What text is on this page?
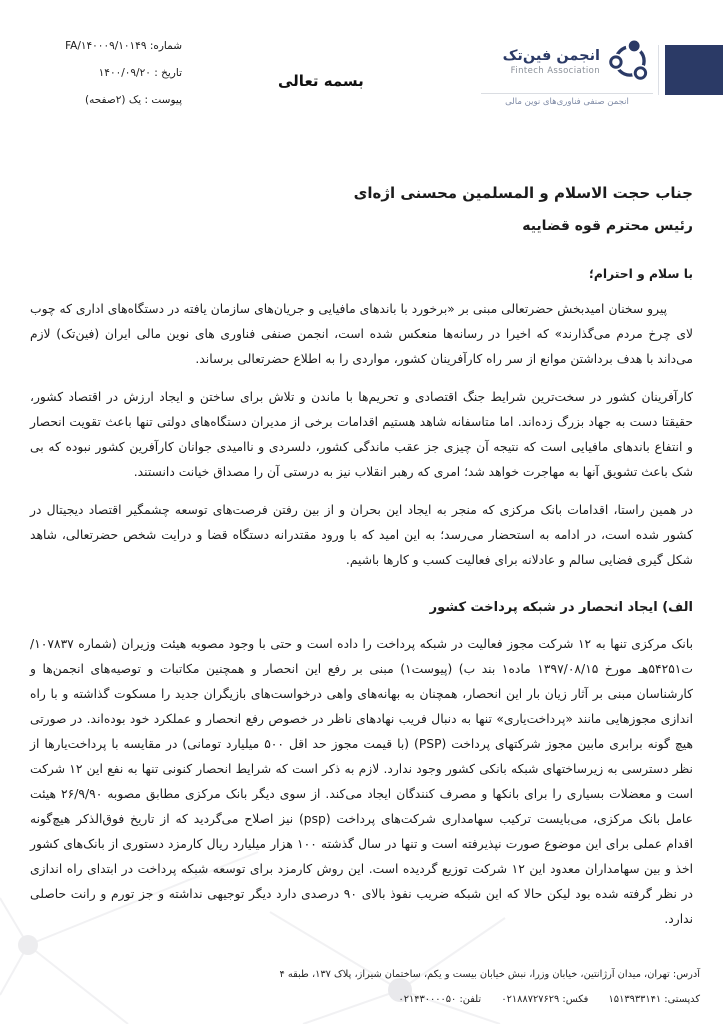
شماره: FA/۱۴۰۰۰۹/۱۰۱۴۹
تاریخ : ۱۴۰۰/۰۹/۲۰
پیوست : یک (۲صفحه)
بسمه تعالی
انجمن فین‌تک
Fintech Association
انجمن صنفی فناوری‌های نوین مالی
جناب حجت الاسلام و المسلمین محسنی اژه‌ای
رئیس محترم قوه قضاییه

با سلام و احترام؛

پیرو سخنان امیدبخش حضرتعالی مبنی بر «برخورد با باندهای مافیایی و جریان‌های سازمان یافته در دستگاه‌های اداری که چوب لای چرخ مردم می‌گذارند» که اخیرا در رسانه‌ها منعکس شده است، انجمن صنفی فناوری های نوین مالی ایران (فین‌تک) لازم می‌داند با هدف برداشتن موانع از سر راه کارآفرینان کشور، مواردی را به اطلاع حضرتعالی برساند.

کارآفرینان کشور در سخت‌ترین شرایط جنگ اقتصادی و تحریم‌ها با ماندن و تلاش برای ساختن و ایجاد ارزش در اقتصاد کشور، حقیقتا دست به جهاد بزرگ زده‌اند. اما متاسفانه شاهد هستیم اقدامات برخی از مدیران دستگاه‌های دولتی تنها باعث تقویت انحصار و انتفاع باندهای مافیایی است که نتیجه آن چیزی جز عقب ماندگی کشور، دلسردی و ناامیدی جوانان کارآفرین کشور نبوده که بی شک باعث تشویق آنها به مهاجرت خواهد شد؛ امری که رهبر انقلاب نیز به درستی آن را مصداق خیانت دانستند.

در همین راستا، اقدامات بانک مرکزی که منجر به ایجاد این بحران و از بین رفتن فرصت‌های توسعه چشمگیر اقتصاد دیجیتال در کشور شده است، در ادامه به استحضار می‌رسد؛ به این امید که با ورود مقتدرانه دستگاه قضا و درایت شخص حضرتعالی، شاهد شکل گیری فضایی سالم و عادلانه برای فعالیت کسب و کارها باشیم.

الف) ایجاد انحصار در شبکه پرداخت کشور

بانک مرکزی تنها به ۱۲ شرکت مجوز فعالیت در شبکه پرداخت را داده است و حتی با وجود مصوبه هیئت وزیران (شماره ۱۰۷۸۳۷/ت۵۴۲۵۱هـ مورخ ۱۳۹۷/۰۸/۱۵ ماده۱ بند ب) (پیوست۱) مبنی بر رفع این انحصار و همچنین مکاتبات و توصیه‌های انجمن‌ها و کارشناسان مبنی بر آثار زیان بار این انحصار، همچنان به بهانه‌های واهی درخواست‌های بازیگران جدید را مسکوت گذاشته و با راه اندازی مجوزهایی مانند «پرداخت‌یاری» تنها به دنبال فریب نهادهای ناظر در خصوص رفع انحصار و عملکرد خود بوده‌اند. در صورتی هیچ گونه برابری مابین مجوز شرکتهای پرداخت (PSP) (با قیمت مجوز حد اقل ۵۰۰ میلیارد تومانی) در مقایسه با پرداخت‌یارها از نظر دسترسی به زیرساختهای شبکه بانکی کشور وجود ندارد. لازم به ذکر است که شرایط انحصار کنونی تنها به نفع این ۱۲ شرکت است و معضلات بسیاری را برای بانکها و مصرف کنندگان ایجاد می‌کند. از سوی دیگر بانک مرکزی مطابق مصوبه ۲۶/۹/۹۰ هیئت عامل بانک مرکزی، می‌بایست ترکیب سهامداری شرکت‌های پرداخت (psp) نیز اصلاح می‌گردید که از تاریخ فوق‌الذکر هیچ‌گونه اقدام عملی برای این موضوع صورت نپذیرفته است و تنها در سال گذشته ۱۰۰ هزار میلیارد ریال کارمزد دستوری از بانک‌های کشور اخذ و بین سهامداران معدود این ۱۲ شرکت توزیع گردیده است. این روش کارمزد برای توسعه شبکه پرداخت در ابتدای راه اندازی در نظر گرفته شده بود لیکن حالا که این شبکه ضریب نفوذ بالای ۹۰ درصدی دارد دیگر توجیهی نداشته و جز تورم و رانت حاصلی ندارد.

آدرس: تهران، میدان آرژانتین، خیابان وزرا، نبش خیابان بیست و یکم، ساختمان شیراز، پلاک ۱۳۷، طبقه ۴
کدپستی: ۱۵۱۳۹۳۳۱۴۱  فکس: ۰۲۱۸۸۷۲۷۶۲۹  تلفن: ۰۲۱۴۳۰۰۰۰۵۰
